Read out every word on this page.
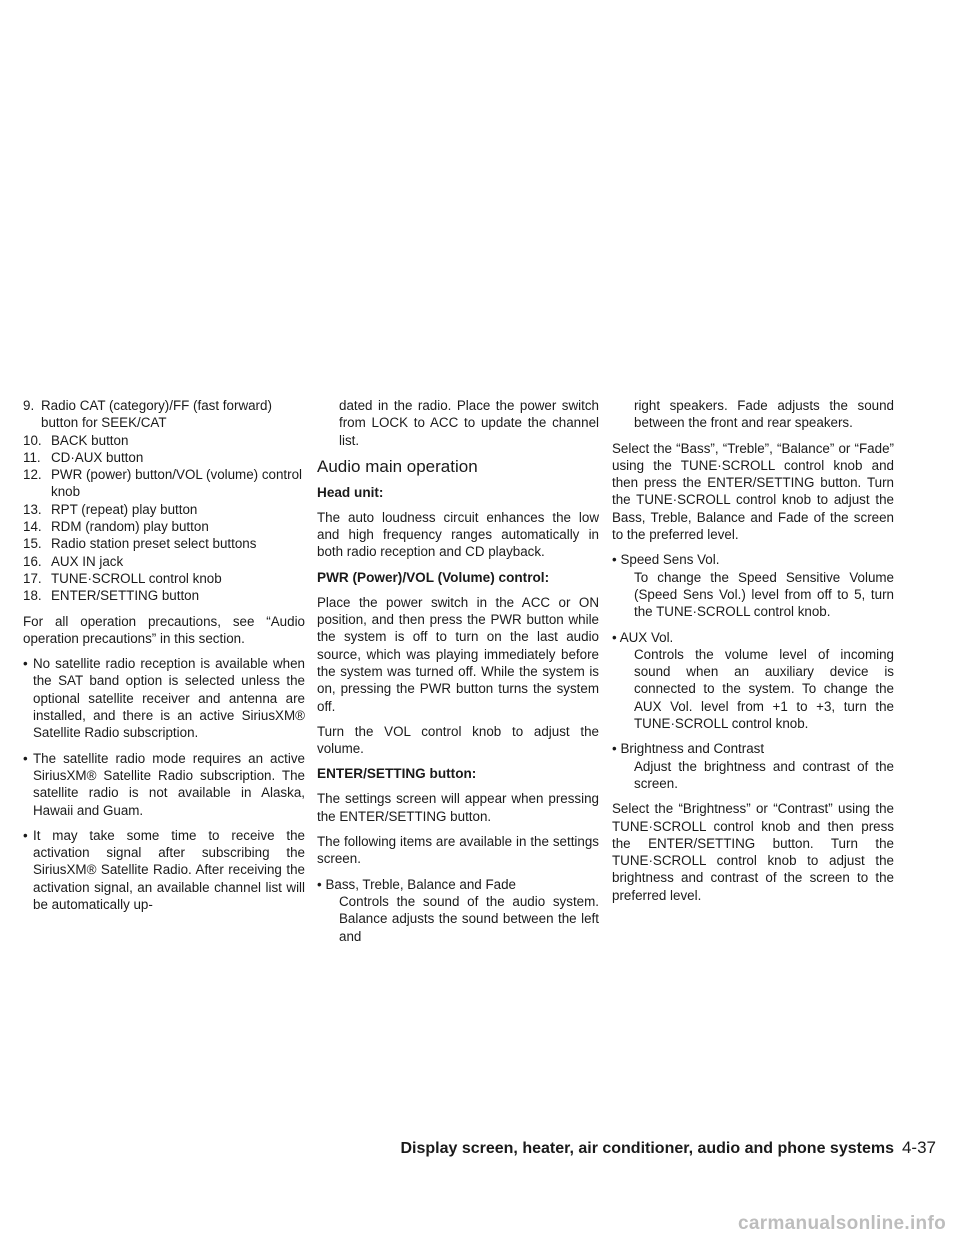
9. Radio CAT (category)/FF (fast forward) button for SEEK/CAT
10. BACK button
11. CD·AUX button
12. PWR (power) button/VOL (volume) control knob
13. RPT (repeat) play button
14. RDM (random) play button
15. Radio station preset select buttons
16. AUX IN jack
17. TUNE·SCROLL control knob
18. ENTER/SETTING button

For all operation precautions, see “Audio operation precautions” in this section.

• No satellite radio reception is available when the SAT band option is selected unless the optional satellite receiver and antenna are installed, and there is an active SiriusXM® Satellite Radio subscription.

• The satellite radio mode requires an active SiriusXM® Satellite Radio subscription. The satellite radio is not available in Alaska, Hawaii and Guam.

• It may take some time to receive the activation signal after subscribing the SiriusXM® Satellite Radio. After receiving the activation signal, an available channel list will be automatically up-

dated in the radio. Place the power switch from LOCK to ACC to update the channel list.

Audio main operation
Head unit:

The auto loudness circuit enhances the low and high frequency ranges automatically in both radio reception and CD playback.

PWR (Power)/VOL (Volume) control:

Place the power switch in the ACC or ON position, and then press the PWR button while the system is off to turn on the last audio source, which was playing immediately before the system was turned off. While the system is on, pressing the PWR button turns the system off.

Turn the VOL control knob to adjust the volume.

ENTER/SETTING button:

The settings screen will appear when pressing the ENTER/SETTING button.

The following items are available in the settings screen.

• Bass, Treble, Balance and Fade
Controls the sound of the audio system. Balance adjusts the sound between the left and

right speakers. Fade adjusts the sound between the front and rear speakers.

Select the “Bass”, “Treble”, “Balance” or “Fade” using the TUNE·SCROLL control knob and then press the ENTER/SETTING button. Turn the TUNE·SCROLL control knob to adjust the Bass, Treble, Balance and Fade of the screen to the preferred level.

• Speed Sens Vol.
To change the Speed Sensitive Volume (Speed Sens Vol.) level from off to 5, turn the TUNE·SCROLL control knob.
• AUX Vol.
Controls the volume level of incoming sound when an auxiliary device is connected to the system. To change the AUX Vol. level from +1 to +3, turn the TUNE·SCROLL control knob.
• Brightness and Contrast
Adjust the brightness and contrast of the screen.

Select the “Brightness” or “Contrast” using the TUNE·SCROLL control knob and then press the ENTER/SETTING button. Turn the TUNE·SCROLL control knob to adjust the brightness and contrast of the screen to the preferred level.

Display screen, heater, air conditioner, audio and phone systems 4-37
carmanualsonline.info
